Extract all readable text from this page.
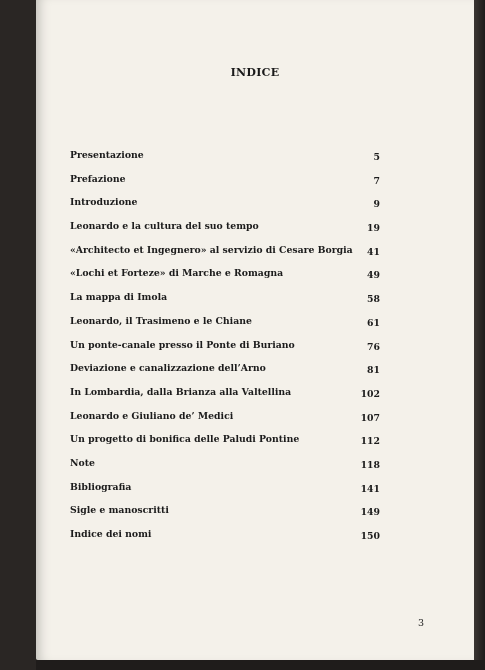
INDICE
Presentazione	5
Prefazione	7
Introduzione	9
Leonardo e la cultura del suo tempo	19
«Architecto et Ingegnero» al servizio di Cesare Borgia 41
«Lochi et Forteze» di Marche e Romagna	49
La mappa di Imola	58
Leonardo, il Trasimeno e le Chiane	61
Un ponte-canale presso il Ponte di Buriano	76
Deviazione e canalizzazione dell’Arno	81
In Lombardia, dalla Brianza alla Valtellina	102
Leonardo e Giuliano de’ Medici	107
Un progetto di bonifica delle Paludi Pontine	112
Note	118
Bibliografia	141
Sigle e manoscritti	149
Indice dei nomi	150
3
